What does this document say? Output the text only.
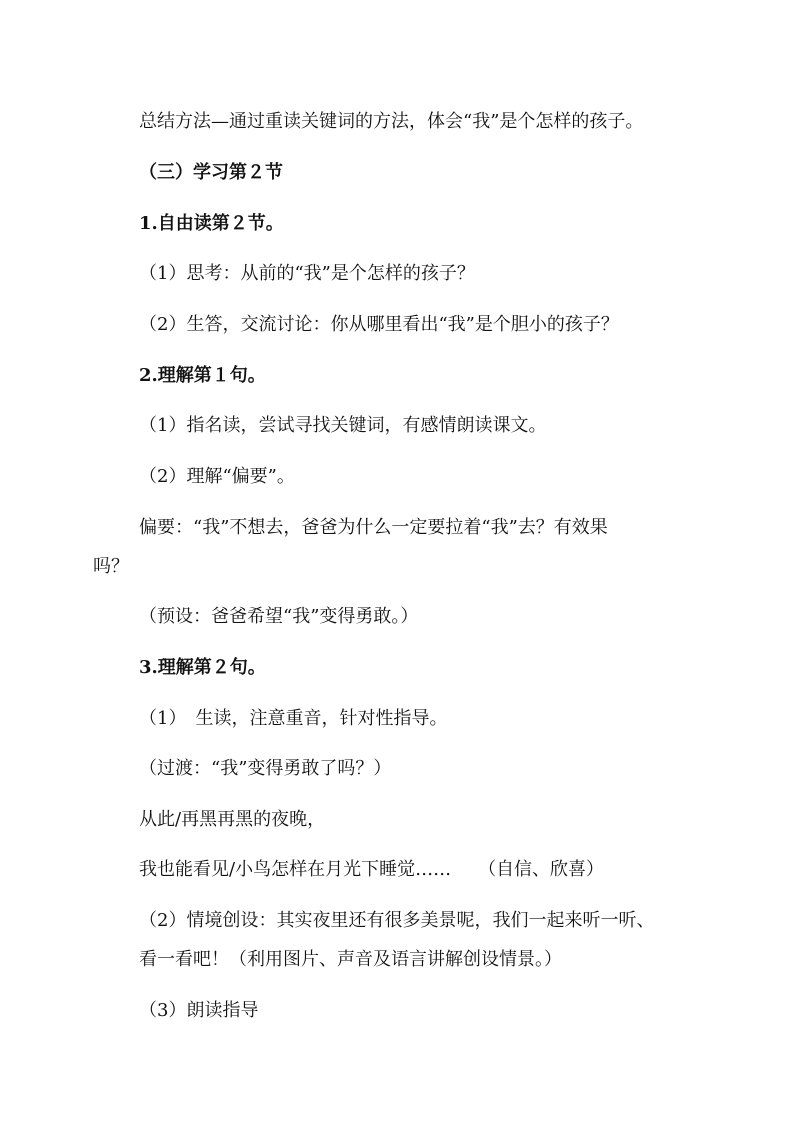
总结方法—通过重读关键词的方法，体会“我”是个怎样的孩子。
（三）学习第２节
1.自由读第２节。
（1）思考：从前的“我”是个怎样的孩子？
（2）生答，交流讨论：你从哪里看出“我”是个胆小的孩子？
2.理解第１句。
（1）指名读，尝试寻找关键词，有感情朗读课文。
（2）理解“偏要”。
偏要：“我”不想去，爸爸为什么一定要拉着“我”去？有效果
吗？
（预设：爸爸希望“我”变得勇敢。）
3.理解第２句。
（1）　生读，注意重音，针对性指导。
（过渡：“我”变得勇敢了吗？）
从此/再黑再黑的夜晚，
我也能看见/小鸟怎样在月光下睡觉……　　（自信、欣喜）
（2）情境创设：其实夜里还有很多美景呢，我们一起来听一听、
看一看吧！（利用图片、声音及语言讲解创设情景。）
（3）朗读指导
